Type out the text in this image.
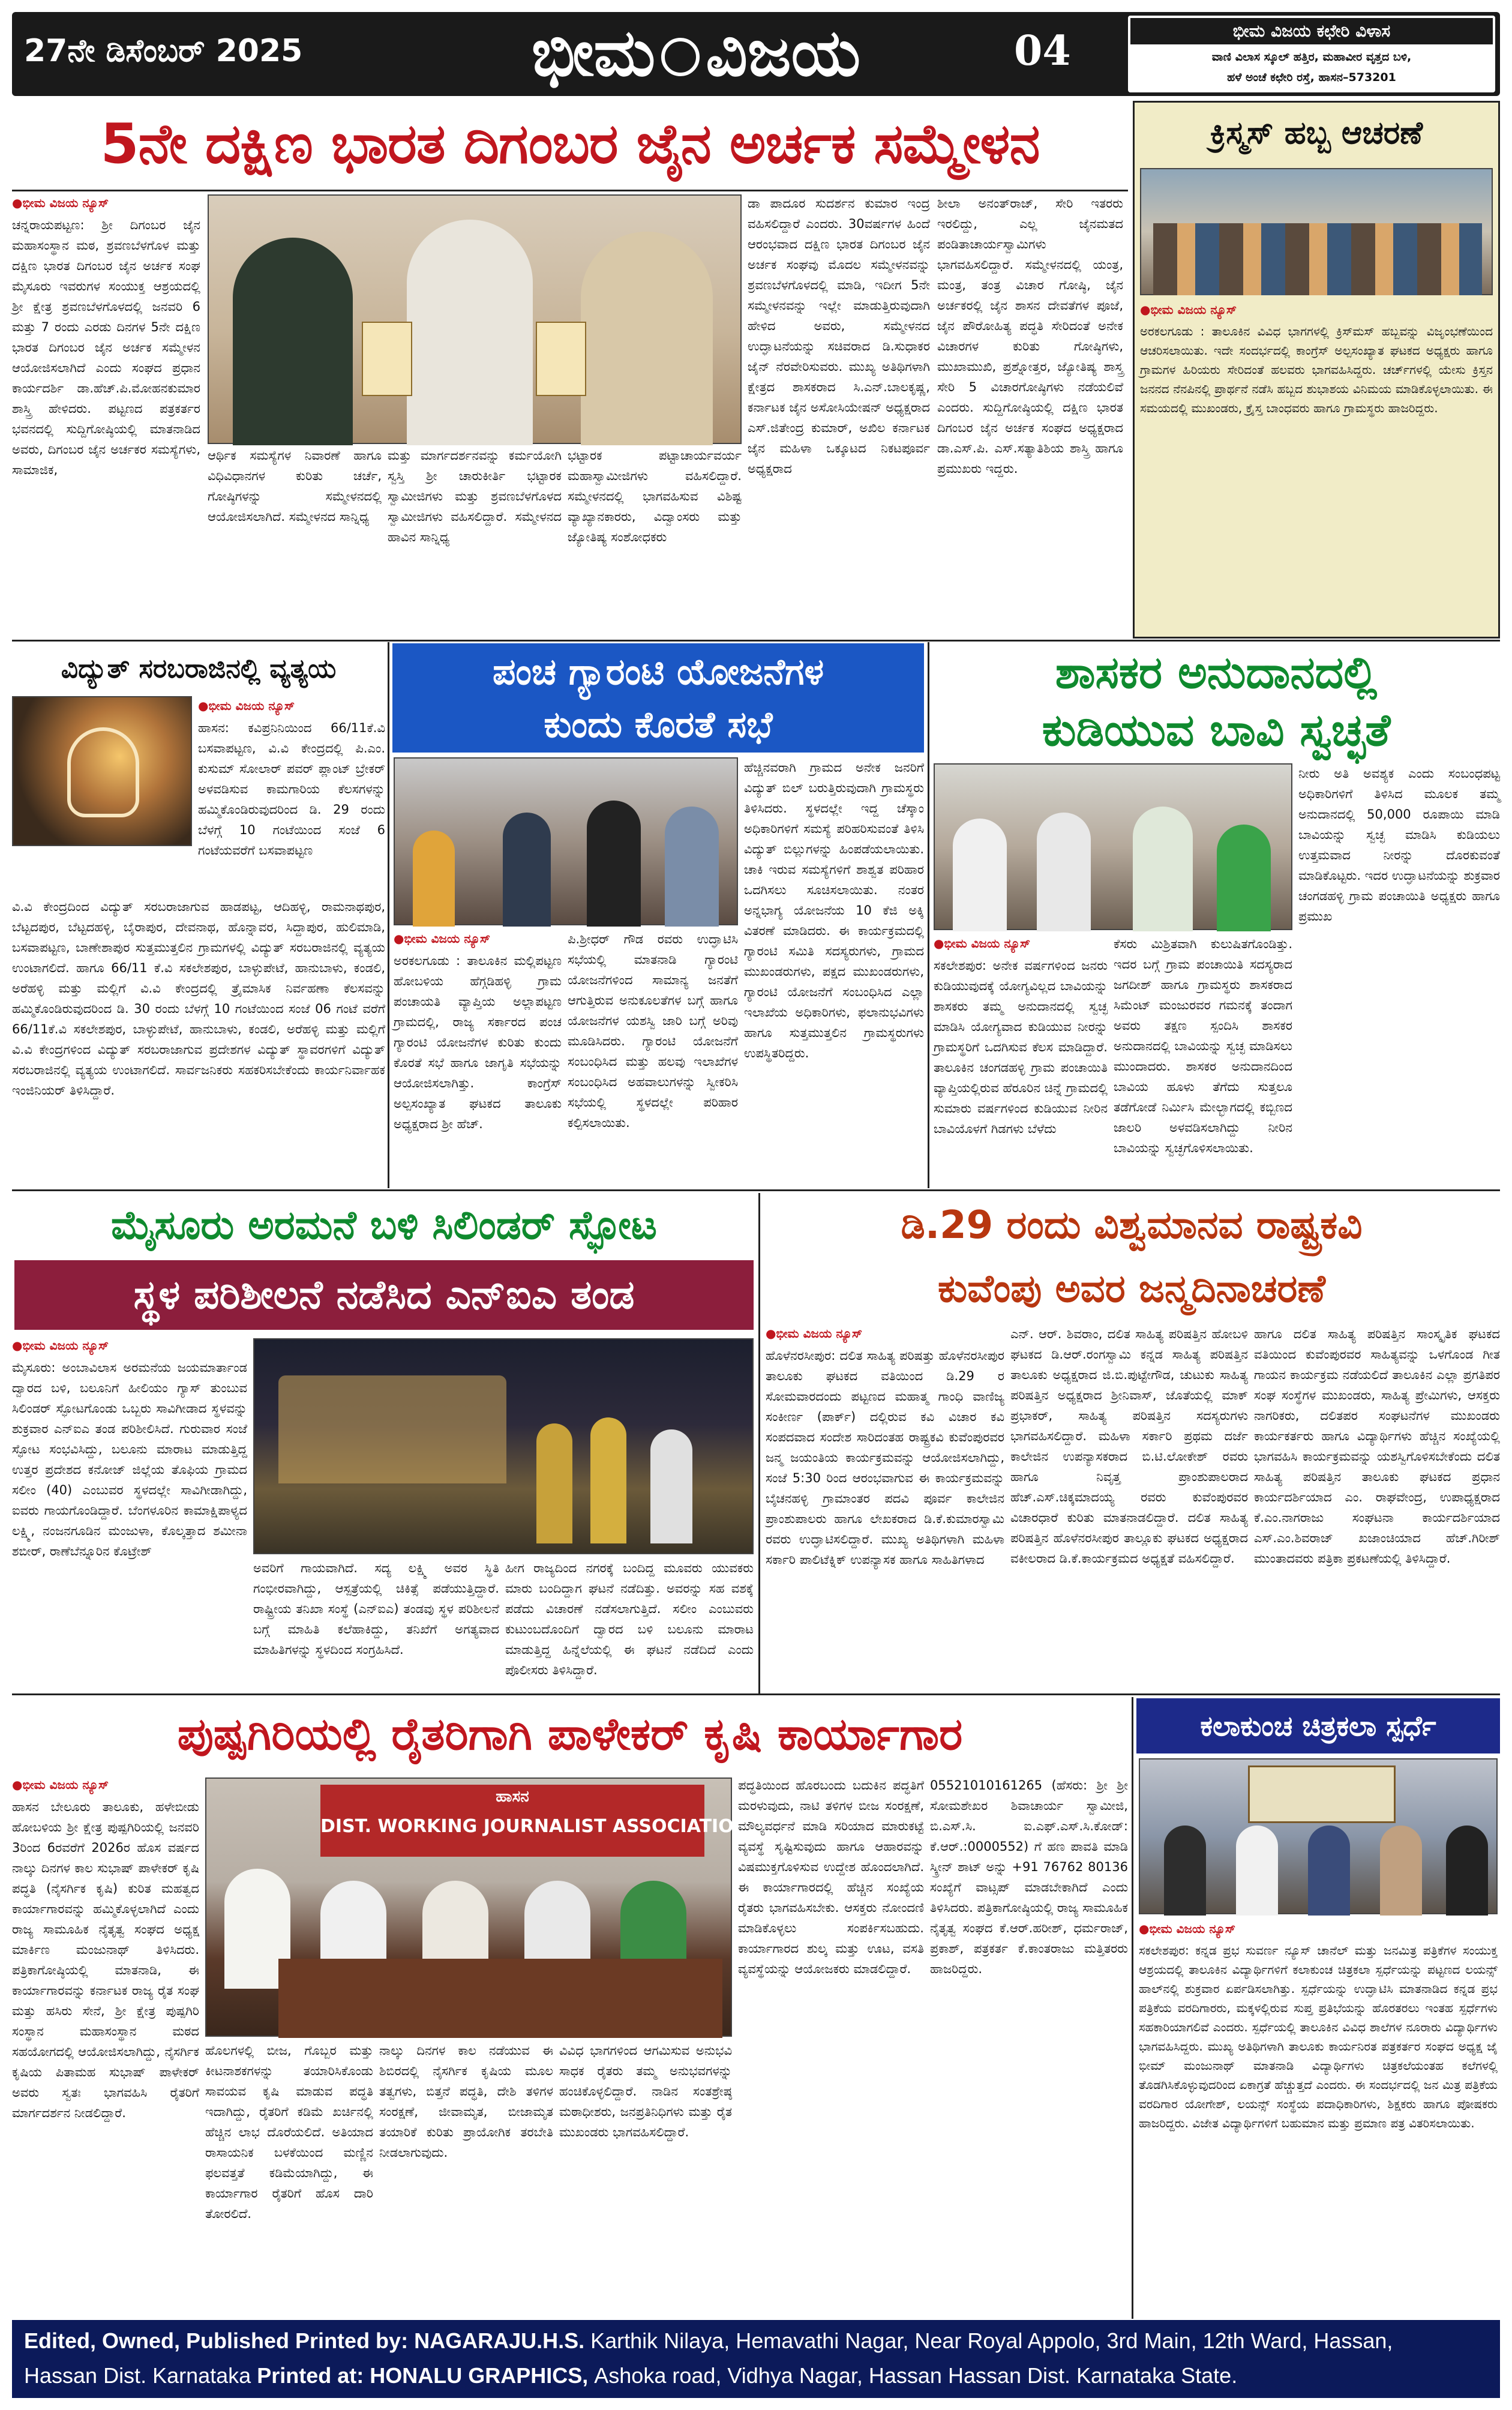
27ನೇ ಡಿಸೆಂಬರ್ 2025	ಭೀಮ ವಿಜಯ	04	ಭೀಮ ವಿಜಯ ಕಛೇರಿ ವಿಳಾಸ
ವಾಣಿ ವಿಲಾಸ ಸ್ಕೂಲ್ ಹತ್ತಿರ, ಮಹಾವೀರ ವೃತ್ತದ ಬಳಿ,
ಹಳೆ ಅಂಚೆ ಕಛೇರಿ ರಸ್ತೆ, ಹಾಸನ–573201
5ನೇ ದಕ್ಷಿಣ ಭಾರತ ದಿಗಂಬರ ಜೈನ ಅರ್ಚಕ ಸಮ್ಮೇಳನ
● ಭೀಮ ವಿಜಯ ನ್ಯೂಸ್
ಚನ್ನರಾಯಪಟ್ಟಣ: ಶ್ರೀ ದಿಗಂಬರ ಜೈನ ಮಹಾಸಂಸ್ಥಾನ ಮಠ, ಶ್ರವಣಬೆಳಗೊಳ ಮತ್ತು ದಕ್ಷಿಣ ಭಾರತ ದಿಗಂಬರ ಜೈನ ಅರ್ಚಕ ಸಂಘ ಮೈಸೂರು ಇವರುಗಳ ಸಂಯುಕ್ತ ಆಶ್ರಯದಲ್ಲಿ ಶ್ರೀ ಕ್ಷೇತ್ರ ಶ್ರವಣಬೆಳಗೊಳದಲ್ಲಿ ಜನವರಿ 6 ಮತ್ತು 7 ರಂದು ಎರಡು ದಿನಗಳ 5ನೇ ದಕ್ಷಿಣ ಭಾರತ ದಿಗಂಬರ ಜೈನ ಅರ್ಚಕ ಸಮ್ಮೇಳನ ಆಯೋಜಿಸಲಾಗಿದೆ ಎಂದು ಸಂಘದ ಪ್ರಧಾನ ಕಾರ್ಯದರ್ಶಿ ಡಾ.ಹೆಚ್.ಪಿ.ಮೋಹನಕುಮಾರ ಶಾಸ್ತ್ರಿ ಹೇಳಿದರು. ಪಟ್ಟಣದ ಪತ್ರಕರ್ತರ ಭವನದಲ್ಲಿ ಸುದ್ದಿಗೋಷ್ಠಿಯಲ್ಲಿ ಮಾತನಾಡಿದ ಅವರು, ದಿಗಂಬರ ಜೈನ ಅರ್ಚಕರ ಸಮಸ್ಯೆಗಳು, ಸಾಮಾಜಿಕ,
ಡಾ ಪಾದೂರ ಸುದರ್ಶನ ಕುಮಾರ ಇಂದ್ರ ವಹಿಸಲಿದ್ದಾರೆ ಎಂದರು. 30ವರ್ಷಗಳ ಹಿಂದೆ ಆರಂಭವಾದ ದಕ್ಷಿಣ ಭಾರತ ದಿಗಂಬರ ಜೈನ ಅರ್ಚಕ ಸಂಘವು ಮೊದಲ ಸಮ್ಮೇಳನವನ್ನು ಶ್ರವಣಬೆಳಗೊಳದಲ್ಲಿ ಮಾಡಿ, ಇದೀಗ 5ನೇ ಸಮ್ಮೇಳನವನ್ನು ಇಲ್ಲೇ ಮಾಡುತ್ತಿರುವುದಾಗಿ ಹೇಳಿದ ಅವರು, ಸಮ್ಮೇಳನದ ಉದ್ಘಾಟನೆಯನ್ನು ಸಚಿವರಾದ ಡಿ.ಸುಧಾಕರ ಜೈನ್ ನೆರವೇರಿಸುವರು. ಮುಖ್ಯ ಅತಿಥಿಗಳಾಗಿ ಕ್ಷೇತ್ರದ ಶಾಸಕರಾದ ಸಿ.ಎನ್.ಬಾಲಕೃಷ್ಣ, ಕರ್ನಾಟಕ ಜೈನ ಅಸೋಸಿಯೇಷನ್ ಅಧ್ಯಕ್ಷರಾದ ಎಸ್.ಜಿತೇಂದ್ರ ಕುಮಾರ್, ಅಖಿಲ ಕರ್ನಾಟಕ ಜೈನ ಮಹಿಳಾ ಒಕ್ಕೂಟದ ನಿಕಟಪೂರ್ವ ಅಧ್ಯಕ್ಷರಾದ
ಶೀಲಾ ಅನಂತ್‌ರಾಜ್, ಸೇರಿ ಇತರರು ಇರಲಿದ್ದು, ಎಲ್ಲ ಜೈನಮತದ ಪಂಡಿತಾಚಾರ್ಯಸ್ವಾಮಿಗಳು ಭಾಗವಹಿಸಲಿದ್ದಾರೆ. ಸಮ್ಮೇಳನದಲ್ಲಿ ಯಂತ್ರ, ಮಂತ್ರ, ತಂತ್ರ ವಿಚಾರ ಗೋಷ್ಠಿ, ಜೈನ ಅರ್ಚಕರಲ್ಲಿ ಜೈನ ಶಾಸನ ದೇವತೆಗಳ ಪೂಜೆ, ಜೈನ ಪೌರೋಹಿತ್ಯ ಪದ್ಧತಿ ಸೇರಿದಂತೆ ಅನೇಕ ವಿಚಾರಗಳ ಕುರಿತು ಗೋಷ್ಠಿಗಳು, ಮುಖಾಮುಖಿ, ಪ್ರಶ್ನೋತ್ತರ, ಜ್ಯೋತಿಷ್ಯ ಶಾಸ್ತ್ರ ಸೇರಿ 5 ವಿಚಾರಗೋಷ್ಠಿಗಳು ನಡೆಯಲಿವೆ ಎಂದರು. ಸುದ್ದಿಗೋಷ್ಠಿಯಲ್ಲಿ ದಕ್ಷಿಣ ಭಾರತ ದಿಗಂಬರ ಜೈನ ಅರ್ಚಕ ಸಂಘದ ಅಧ್ಯಕ್ಷರಾದ ಡಾ.ಎಸ್.ಪಿ. ಎಸ್.ಸತ್ಯಾತಿಶಿಯ ಶಾಸ್ತ್ರಿ ಹಾಗೂ ಪ್ರಮುಖರು ಇದ್ದರು.
ಆರ್ಥಿಕ ಸಮಸ್ಯೆಗಳ ನಿವಾರಣೆ ಹಾಗೂ ವಿಧಿವಿಧಾನಗಳ ಕುರಿತು ಚರ್ಚೆ, ಗೋಷ್ಠಿಗಳನ್ನು ಸಮ್ಮೇಳನದಲ್ಲಿ ಆಯೋಜಿಸಲಾಗಿದೆ. ಸಮ್ಮೇಳನದ ಸಾನ್ನಿಧ್ಯ
ಮತ್ತು ಮಾರ್ಗದರ್ಶನವನ್ನು ಕರ್ಮಯೋಗಿ ಸ್ವಸ್ತಿ ಶ್ರೀ ಚಾರುಕೀರ್ತಿ ಭಟ್ಟಾರಕ ಸ್ವಾಮೀಜಿಗಳು ಮತ್ತು ಶ್ರವಣಬೆಳಗೊಳದ ಸ್ವಾಮೀಜಿಗಳು ವಹಿಸಲಿದ್ದಾರೆ. ಸಮ್ಮೇಳನದ ಹಾವಿನ ಸಾನ್ನಿಧ್ಯ
ಭಟ್ಟಾರಕ ಪಟ್ಟಾಚಾರ್ಯವರ್ಯ ಮಹಾಸ್ವಾಮೀಜಿಗಳು ವಹಿಸಲಿದ್ದಾರೆ. ಸಮ್ಮೇಳನದಲ್ಲಿ ಭಾಗವಹಿಸುವ ವಿಶಿಷ್ಟ ವ್ಯಾಖ್ಯಾನಕಾರರು, ವಿದ್ವಾಂಸರು ಮತ್ತು ಜ್ಯೋತಿಷ್ಯ ಸಂಶೋಧಕರು
ಕ್ರಿಸ್ಮಸ್ ಹಬ್ಬ ಆಚರಣೆ
● ಭೀಮ ವಿಜಯ ನ್ಯೂಸ್
ಅರಕಲಗೂಡು : ತಾಲೂಕಿನ ವಿವಿಧ ಭಾಗಗಳಲ್ಲಿ ಕ್ರಿಸ್‌ಮಸ್ ಹಬ್ಬವನ್ನು ವಿಜೃಂಭಣೆಯಿಂದ ಆಚರಿಸಲಾಯಿತು. ಇದೇ ಸಂದರ್ಭದಲ್ಲಿ ಕಾಂಗ್ರೆಸ್ ಅಲ್ಪಸಂಖ್ಯಾತ ಘಟಕದ ಅಧ್ಯಕ್ಷರು ಹಾಗೂ ಗ್ರಾಮಗಳ ಹಿರಿಯರು ಸೇರಿದಂತೆ ಹಲವರು ಭಾಗವಹಿಸಿದ್ದರು. ಚರ್ಚ್‌ಗಳಲ್ಲಿ ಯೇಸು ಕ್ರಿಸ್ತನ ಜನನದ ನೆನಪಿನಲ್ಲಿ ಪ್ರಾರ್ಥನೆ ನಡೆಸಿ ಹಬ್ಬದ ಶುಭಾಶಯ ವಿನಿಮಯ ಮಾಡಿಕೊಳ್ಳಲಾಯಿತು. ಈ ಸಮಯದಲ್ಲಿ ಮುಖಂಡರು, ಕ್ರೈಸ್ತ ಬಾಂಧವರು ಹಾಗೂ ಗ್ರಾಮಸ್ಥರು ಹಾಜರಿದ್ದರು.
ವಿದ್ಯುತ್ ಸರಬರಾಜಿನಲ್ಲಿ ವ್ಯತ್ಯಯ
● ಭೀಮ ವಿಜಯ ನ್ಯೂಸ್
ಹಾಸನ: ಕವಿಪ್ರನಿನಿಯಿಂದ 66/11ಕೆ.ವಿ ಬಸವಾಪಟ್ಟಣ, ವಿ.ವಿ ಕೇಂದ್ರದಲ್ಲಿ ಪಿ.ಎಂ. ಕುಸುಮ್ ಸೋಲಾರ್ ಪವರ್ ಪ್ಲಾಂಟ್ ಬ್ರೇಕರ್ ಅಳವಡಿಸುವ ಕಾಮಗಾರಿಯ ಕೆಲಸಗಳನ್ನು ಹಮ್ಮಿಕೊಂಡಿರುವುದರಿಂದ ಡಿ. 29 ರಂದು ಬೆಳಗ್ಗೆ 10 ಗಂಟೆಯಿಂದ ಸಂಜೆ 6 ಗಂಟೆಯವರೆಗೆ ಬಸವಾಪಟ್ಟಣ
ವಿ.ವಿ ಕೇಂದ್ರದಿಂದ ವಿದ್ಯುತ್ ಸರಬರಾಜಾಗುವ ಹಾಡಪಟ್ಟ, ಆದಿಹಳ್ಳಿ, ರಾಮನಾಥಪುರ, ಬೆಟ್ಟದಪುರ, ಬೆಟ್ಟದಹಳ್ಳಿ, ಬೈರಾಪುರ, ದೇವನಾಥ, ಹೊನ್ನಾವರ, ಸಿದ್ದಾಪುರ, ಹುಲಿಮಾಡಿ, ಬಸವಾಪಟ್ಟಣ, ಬಾಣೇಶಾಪುರ ಸುತ್ತಮುತ್ತಲಿನ ಗ್ರಾಮಗಳಲ್ಲಿ ವಿದ್ಯುತ್ ಸರಬರಾಜಿನಲ್ಲಿ ವ್ಯತ್ಯಯ ಉಂಟಾಗಲಿದೆ. ಹಾಗೂ 66/11 ಕೆ.ವಿ ಸಕಲೇಶಪುರ, ಬಾಳ್ಳುಪೇಟೆ, ಹಾನುಬಾಳು, ಕಂಡಲಿ, ಅರೆಹಳ್ಳಿ ಮತ್ತು ಮಲ್ಲಿಗೆ ವಿ.ವಿ ಕೇಂದ್ರದಲ್ಲಿ ತ್ರೈಮಾಸಿಕ ನಿರ್ವಹಣಾ ಕೆಲಸವನ್ನು ಹಮ್ಮಿಕೊಂಡಿರುವುದರಿಂದ ಡಿ. 30 ರಂದು ಬೆಳಗ್ಗೆ 10 ಗಂಟೆಯಿಂದ ಸಂಜೆ 06 ಗಂಟೆ ವರೆಗೆ 66/11ಕೆ.ವಿ ಸಕಲೇಶಪುರ, ಬಾಳ್ಳುಪೇಟೆ, ಹಾನುಬಾಳು, ಕಂಡಲಿ, ಅರೆಹಳ್ಳಿ ಮತ್ತು ಮಲ್ಲಿಗೆ ವಿ.ವಿ ಕೇಂದ್ರಗಳಿಂದ ವಿದ್ಯುತ್ ಸರಬರಾಜಾಗುವ ಪ್ರದೇಶಗಳ ವಿದ್ಯುತ್ ಸ್ಥಾವರಗಳಿಗೆ ವಿದ್ಯುತ್ ಸರಬರಾಜಿನಲ್ಲಿ ವ್ಯತ್ಯಯ ಉಂಟಾಗಲಿದೆ. ಸಾರ್ವಜನಿಕರು ಸಹಕರಿಸಬೇಕೆಂದು ಕಾರ್ಯನಿರ್ವಾಹಕ ಇಂಜಿನಿಯರ್ ತಿಳಿಸಿದ್ದಾರೆ.
ಪಂಚ ಗ್ಯಾರಂಟಿ ಯೋಜನೆಗಳ
ಕುಂದು ಕೊರತೆ ಸಭೆ
● ಭೀಮ ವಿಜಯ ನ್ಯೂಸ್
ಅರಕಲಗೂಡು : ತಾಲೂಕಿನ ಮಲ್ಲಿಪಟ್ಟಣ ಹೋಬಳಿಯ ಹೆಗ್ಗಡಿಹಳ್ಳಿ ಗ್ರಾಮ ಪಂಚಾಯತಿ ವ್ಯಾಪ್ತಿಯ ಅಲ್ಲಾಪಟ್ಟಣ ಗ್ರಾಮದಲ್ಲಿ, ರಾಜ್ಯ ಸರ್ಕಾರದ ಪಂಚ ಗ್ಯಾರಂಟಿ ಯೋಜನೆಗಳ ಕುರಿತು ಕುಂದು ಕೊರತೆ ಸಭೆ ಹಾಗೂ ಜಾಗೃತಿ ಸಭೆಯನ್ನು ಆಯೋಜಿಸಲಾಗಿತ್ತು. ಕಾಂಗ್ರೆಸ್ ಅಲ್ಪಸಂಖ್ಯಾತ ಘಟಕದ ತಾಲೂಕು ಅಧ್ಯಕ್ಷರಾದ ಶ್ರೀ ಹೆಚ್.
ಪಿ.ಶ್ರೀಧರ್ ಗೌಡ ರವರು ಉದ್ಘಾಟಿಸಿ ಸಭೆಯಲ್ಲಿ ಮಾತನಾಡಿ ಗ್ಯಾರಂಟಿ ಯೋಜನೆಗಳಿಂದ ಸಾಮಾನ್ಯ ಜನತೆಗೆ ಆಗುತ್ತಿರುವ ಅನುಕೂಲತೆಗಳ ಬಗ್ಗೆ ಹಾಗೂ ಯೋಜನೆಗಳ ಯಶಸ್ವಿ ಜಾರಿ ಬಗ್ಗೆ ಅರಿವು ಮೂಡಿಸಿದರು. ಗ್ಯಾರಂಟಿ ಯೋಜನೆಗೆ ಸಂಬಂಧಿಸಿದ ಮತ್ತು ಹಲವು ಇಲಾಖೆಗಳ ಸಂಬಂಧಿಸಿದ ಅಹವಾಲುಗಳನ್ನು ಸ್ವೀಕರಿಸಿ ಸಭೆಯಲ್ಲಿ ಸ್ಥಳದಲ್ಲೇ ಪರಿಹಾರ ಕಲ್ಪಿಸಲಾಯಿತು.
ಹೆಚ್ಚಿನವರಾಗಿ ಗ್ರಾಮದ ಅನೇಕ ಜನರಿಗೆ ವಿದ್ಯುತ್ ಬಿಲ್ ಬರುತ್ತಿರುವುದಾಗಿ ಗ್ರಾಮಸ್ಥರು ತಿಳಿಸಿದರು. ಸ್ಥಳದಲ್ಲೇ ಇದ್ದ ಚೆಸ್ಕಾಂ ಅಧಿಕಾರಿಗಳಿಗೆ ಸಮಸ್ಯೆ ಪರಿಹರಿಸುವಂತೆ ತಿಳಿಸಿ ವಿದ್ಯುತ್ ಬಿಲ್ಲುಗಳನ್ನು ಹಿಂಪಡೆಯಲಾಯಿತು. ಚಾಕಿ ಇರುವ ಸಮಸ್ಯೆಗಳಿಗೆ ಶಾಶ್ವತ ಪರಿಹಾರ ಒದಗಿಸಲು ಸೂಚಿಸಲಾಯಿತು. ನಂತರ ಅನ್ನಭಾಗ್ಯ ಯೋಜನೆಯ 10 ಕೆಜಿ ಅಕ್ಕಿ ವಿತರಣೆ ಮಾಡಿದರು. ಈ ಕಾರ್ಯಕ್ರಮದಲ್ಲಿ ಗ್ಯಾರಂಟಿ ಸಮಿತಿ ಸದಸ್ಯರುಗಳು, ಗ್ರಾಮದ ಮುಖಂಡರುಗಳು, ಪಕ್ಷದ ಮುಖಂಡರುಗಳು, ಗ್ಯಾರಂಟಿ ಯೋಜನೆಗೆ ಸಂಬಂಧಿಸಿದ ಎಲ್ಲಾ ಇಲಾಖೆಯ ಅಧಿಕಾರಿಗಳು, ಫಲಾನುಭವಿಗಳು ಹಾಗೂ ಸುತ್ತಮುತ್ತಲಿನ ಗ್ರಾಮಸ್ಥರುಗಳು ಉಪಸ್ಥಿತರಿದ್ದರು.
ಶಾಸಕರ ಅನುದಾನದಲ್ಲಿ
ಕುಡಿಯುವ ಬಾವಿ ಸ್ವಚ್ಛತೆ
ನೀರು ಅತಿ ಅವಶ್ಯಕ ಎಂದು ಸಂಬಂಧಪಟ್ಟ ಅಧಿಕಾರಿಗಳಿಗೆ ತಿಳಿಸಿದ ಮೂಲಕ ತಮ್ಮ ಅನುದಾನದಲ್ಲಿ 50,000 ರೂಪಾಯಿ ಮಾಡಿ ಬಾವಿಯನ್ನು ಸ್ವಚ್ಛ ಮಾಡಿಸಿ ಕುಡಿಯಲು ಉತ್ತಮವಾದ ನೀರನ್ನು ದೊರಕುವಂತೆ ಮಾಡಿಕೊಟ್ಟರು. ಇದರ ಉದ್ಘಾಟನೆಯನ್ನು ಶುಕ್ರವಾರ ಚಂಗಡಹಳ್ಳಿ ಗ್ರಾಮ ಪಂಚಾಯಿತಿ ಅಧ್ಯಕ್ಷರು ಹಾಗೂ ಪ್ರಮುಖ
● ಭೀಮ ವಿಜಯ ನ್ಯೂಸ್
ಸಕಲೇಶಪುರ: ಅನೇಕ ವರ್ಷಗಳಿಂದ ಜನರು ಕುಡಿಯುವುದಕ್ಕೆ ಯೋಗ್ಯವಿಲ್ಲದ ಬಾವಿಯನ್ನು ಶಾಸಕರು ತಮ್ಮ ಅನುದಾನದಲ್ಲಿ ಸ್ವಚ್ಛ ಮಾಡಿಸಿ ಯೋಗ್ಯವಾದ ಕುಡಿಯುವ ನೀರನ್ನು ಗ್ರಾಮಸ್ಥರಿಗೆ ಒದಗಿಸುವ ಕೆಲಸ ಮಾಡಿದ್ದಾರೆ. ತಾಲೂಕಿನ ಚಂಗಡಹಳ್ಳಿ ಗ್ರಾಮ ಪಂಚಾಯಿತಿ ವ್ಯಾಪ್ತಿಯಲ್ಲಿರುವ ಹೆರೂರಿನ ಚಿನ್ನೆ ಗ್ರಾಮದಲ್ಲಿ ಸುಮಾರು ವರ್ಷಗಳಿಂದ ಕುಡಿಯುವ ನೀರಿನ ಬಾವಿಯೊಳಗೆ ಗಿಡಗಳು ಬೆಳೆದು
ಕೆಸರು ಮಿಶ್ರಿತವಾಗಿ ಕುಲುಷಿತಗೊಂಡಿತ್ತು. ಇದರ ಬಗ್ಗೆ ಗ್ರಾಮ ಪಂಚಾಯಿತಿ ಸದಸ್ಯರಾದ ಜಗದೀಶ್ ಹಾಗೂ ಗ್ರಾಮಸ್ಥರು ಶಾಸಕರಾದ ಸಿಮೆಂಟ್ ಮಂಜುರವರ ಗಮನಕ್ಕೆ ತಂದಾಗ ಅವರು ತಕ್ಷಣ ಸ್ಪಂದಿಸಿ ಶಾಸಕರ ಅನುದಾನದಲ್ಲಿ ಬಾವಿಯನ್ನು ಸ್ವಚ್ಛ ಮಾಡಿಸಲು ಮುಂದಾದರು. ಶಾಸಕರ ಅನುದಾನದಿಂದ ಬಾವಿಯ ಹೂಳು ತೆಗೆದು ಸುತ್ತಲೂ ತಡೆಗೋಡೆ ನಿರ್ಮಿಸಿ ಮೇಲ್ಭಾಗದಲ್ಲಿ ಕಬ್ಬಿಣದ ಜಾಲರಿ ಅಳವಡಿಸಲಾಗಿದ್ದು ನೀರಿನ ಬಾವಿಯನ್ನು ಸ್ವಚ್ಛಗೊಳಿಸಲಾಯಿತು.
ಮೈಸೂರು ಅರಮನೆ ಬಳಿ ಸಿಲಿಂಡರ್ ಸ್ಫೋಟ
ಸ್ಥಳ ಪರಿಶೀಲನೆ ನಡೆಸಿದ ಎನ್‌ಐಎ ತಂಡ
● ಭೀಮ ವಿಜಯ ನ್ಯೂಸ್
ಮೈಸೂರು: ಅಂಬಾವಿಲಾಸ ಅರಮನೆಯ ಜಯಮಾರ್ತಾಂಡ ದ್ವಾರದ ಬಳಿ, ಬಲೂನಿಗೆ ಹೀಲಿಯಂ ಗ್ಯಾಸ್ ತುಂಬುವ ಸಿಲಿಂಡರ್ ಸ್ಫೋಟಗೊಂಡು ಒಬ್ಬರು ಸಾವಿಗೀಡಾದ ಸ್ಥಳವನ್ನು ಶುಕ್ರವಾರ ಎನ್‌ಐಎ ತಂಡ ಪರಿಶೀಲಿಸಿದೆ. ಗುರುವಾರ ಸಂಜೆ ಸ್ಫೋಟ ಸಂಭವಿಸಿದ್ದು, ಬಲೂನು ಮಾರಾಟ ಮಾಡುತ್ತಿದ್ದ ಉತ್ತರ ಪ್ರದೇಶದ ಕನೋಜ್ ಜಿಲ್ಲೆಯ ತೊಫಿಯ ಗ್ರಾಮದ ಸಲೀಂ (40) ಎಂಬುವರ ಸ್ಥಳದಲ್ಲೇ ಸಾವಿಗೀಡಾಗಿದ್ದು, ಐವರು ಗಾಯಗೊಂಡಿದ್ದಾರೆ. ಬೆಂಗಳೂರಿನ ಕಾಮಾಕ್ಷಿಪಾಳ್ಯದ ಲಕ್ಷ್ಮಿ, ನಂಜನಗೂಡಿನ ಮಂಜುಳಾ, ಕೊಲ್ಕತ್ತಾದ ಶಮೀನಾ ಶಬೀರ್, ರಾಣೆಬೆನ್ನೂರಿನ ಕೊಟ್ರೇಶ್
ಅವರಿಗೆ ಗಾಯವಾಗಿದೆ. ಸದ್ಯ ಲಕ್ಷ್ಮಿ ಅವರ ಸ್ಥಿತಿ ಗಂಭೀರವಾಗಿದ್ದು, ಆಸ್ಪತ್ರೆಯಲ್ಲಿ ಚಿಕಿತ್ಸೆ ಪಡೆಯುತ್ತಿದ್ದಾರೆ. ರಾಷ್ಟ್ರೀಯ ತನಿಖಾ ಸಂಸ್ಥೆ (ಎನ್‌ಐಎ) ತಂಡವು ಸ್ಥಳ ಪರಿಶೀಲನೆ ಬಗ್ಗೆ ಮಾಹಿತಿ ಕಲೆಹಾಕಿದ್ದು, ತನಿಖೆಗೆ ಅಗತ್ಯವಾದ ಮಾಹಿತಿಗಳನ್ನು ಸ್ಥಳದಿಂದ ಸಂಗ್ರಹಿಸಿದೆ.
ಹೀಗ ರಾಜ್ಯದಿಂದ ನಗರಕ್ಕೆ ಬಂದಿದ್ದ ಮೂವರು ಯುವಕರು ಮಾರು ಬಂದಿದ್ದಾಗ ಘಟನೆ ನಡೆದಿತ್ತು. ಅವರನ್ನು ಸಹ ವಶಕ್ಕೆ ಪಡೆದು ವಿಚಾರಣೆ ನಡೆಸಲಾಗುತ್ತಿದೆ. ಸಲೀಂ ಎಂಬುವರು ಕುಟುಂಬದೊಂದಿಗೆ ದ್ವಾರದ ಬಳಿ ಬಲೂನು ಮಾರಾಟ ಮಾಡುತ್ತಿದ್ದ ಹಿನ್ನೆಲೆಯಲ್ಲಿ ಈ ಘಟನೆ ನಡೆದಿದೆ ಎಂದು ಪೊಲೀಸರು ತಿಳಿಸಿದ್ದಾರೆ.
ಡಿ.29 ರಂದು ವಿಶ್ವಮಾನವ ರಾಷ್ಟ್ರಕವಿ
ಕುವೆಂಪು ಅವರ ಜನ್ಮದಿನಾಚರಣೆ
● ಭೀಮ ವಿಜಯ ನ್ಯೂಸ್
ಹೊಳೆನರಸೀಪುರ: ದಲಿತ ಸಾಹಿತ್ಯ ಪರಿಷತ್ತು ಹೊಳೆನರಸೀಪುರ ತಾಲೂಕು ಘಟಕದ ವತಿಯಿಂದ ಡಿ.29 ರ ಸೋಮವಾರದಂದು ಪಟ್ಟಣದ ಮಹಾತ್ಮ ಗಾಂಧಿ ವಾಣಿಜ್ಯ ಸಂಕೀರ್ಣ (ಪಾರ್ಕ್) ದಲ್ಲಿರುವ ಕವಿ ವಿಚಾರ ಕವಿ ಸಂಪದವಾದ ಸಂದೇಶ ಸಾರಿದಂತಹ ರಾಷ್ಟ್ರಕವಿ ಕುವೆಂಪುರವರ ಜನ್ಮ ಜಯಂತಿಯ ಕಾರ್ಯಕ್ರಮವನ್ನು ಆಯೋಜಿಸಲಾಗಿದ್ದು, ಸಂಜೆ 5:30 ರಿಂದ ಆರಂಭವಾಗುವ ಈ ಕಾರ್ಯಕ್ರಮವನ್ನು ಬೈಚನಹಳ್ಳಿ ಗ್ರಾಮಾಂತರ ಪದವಿ ಪೂರ್ವ ಕಾಲೇಜಿನ ಪ್ರಾಂಶುಪಾಲರು ಹಾಗೂ ಲೇಖಕರಾದ ಡಿ.ಕೆ.ಕುಮಾರಸ್ವಾಮಿ ರವರು ಉದ್ಘಾಟಿಸಲಿದ್ದಾರೆ. ಮುಖ್ಯ ಅತಿಥಿಗಳಾಗಿ ಮಹಿಳಾ ಸರ್ಕಾರಿ ಪಾಲಿಟೆಕ್ನಿಕ್ ಉಪನ್ಯಾಸಕ ಹಾಗೂ ಸಾಹಿತಿಗಳಾದ
ಎನ್. ಆರ್. ಶಿವರಾಂ, ದಲಿತ ಸಾಹಿತ್ಯ ಪರಿಷತ್ತಿನ ಹೋಬಳಿ ಘಟಕದ ಡಿ.ಆರ್.ರಂಗಸ್ವಾಮಿ ಕನ್ನಡ ಸಾಹಿತ್ಯ ಪರಿಷತ್ತಿನ ತಾಲೂಕು ಅಧ್ಯಕ್ಷರಾದ ಜಿ.ಬಿ.ಪುಟ್ಟೇಗೌಡ, ಚುಟುಕು ಸಾಹಿತ್ಯ ಪರಿಷತ್ತಿನ ಅಧ್ಯಕ್ಷರಾದ ಶ್ರೀನಿವಾಸ್, ಜೊತೆಯಲ್ಲಿ ಮಾಕ್ ಪ್ರಭಾಕರ್, ಸಾಹಿತ್ಯ ಪರಿಷತ್ತಿನ ಸದಸ್ಯರುಗಳು ಭಾಗವಹಿಸಲಿದ್ದಾರೆ. ಮಹಿಳಾ ಸರ್ಕಾರಿ ಪ್ರಥಮ ದರ್ಜೆ ಕಾಲೇಜಿನ ಉಪನ್ಯಾಸಕರಾದ ಬಿ.ಟಿ.ಲೋಕೇಶ್ ರವರು ಹಾಗೂ ನಿವೃತ್ತ ಪ್ರಾಂಶುಪಾಲರಾದ ಹೆಚ್.ಎಸ್.ಚಿಕ್ಕಮಾದಯ್ಯ ರವರು ಕುವೆಂಪುರವರ ವಿಚಾರಧಾರೆ ಕುರಿತು ಮಾತನಾಡಲಿದ್ದಾರೆ. ದಲಿತ ಸಾಹಿತ್ಯ ಪರಿಷತ್ತಿನ ಹೊಳೆನರಸೀಪುರ ತಾಲ್ಲೂಕು ಘಟಕದ ಅಧ್ಯಕ್ಷರಾದ ವಕೀಲರಾದ ಡಿ.ಕೆ.ಕಾರ್ಯಕ್ರಮದ ಅಧ್ಯಕ್ಷತೆ ವಹಿಸಲಿದ್ದಾರೆ.
ಹಾಗೂ ದಲಿತ ಸಾಹಿತ್ಯ ಪರಿಷತ್ತಿನ ಸಾಂಸ್ಕೃತಿಕ ಘಟಕದ ವತಿಯಿಂದ ಕುವೆಂಪುರವರ ಸಾಹಿತ್ಯವನ್ನು ಒಳಗೊಂಡ ಗೀತ ಗಾಯನ ಕಾರ್ಯಕ್ರಮ ನಡೆಯಲಿದೆ ತಾಲೂಕಿನ ಎಲ್ಲಾ ಪ್ರಗತಿಪರ ಸಂಘ ಸಂಸ್ಥೆಗಳ ಮುಖಂಡರು, ಸಾಹಿತ್ಯ ಪ್ರೇಮಿಗಳು, ಆಸಕ್ತರು ನಾಗರಿಕರು, ದಲಿತಪರ ಸಂಘಟನೆಗಳ ಮುಖಂಡರು ಕಾರ್ಯಕರ್ತರು ಹಾಗೂ ವಿದ್ಯಾರ್ಥಿಗಳು ಹೆಚ್ಚಿನ ಸಂಖ್ಯೆಯಲ್ಲಿ ಭಾಗವಹಿಸಿ ಕಾರ್ಯಕ್ರಮವನ್ನು ಯಶಸ್ವಿಗೊಳಿಸಬೇಕೆಂದು ದಲಿತ ಸಾಹಿತ್ಯ ಪರಿಷತ್ತಿನ ತಾಲೂಕು ಘಟಕದ ಪ್ರಧಾನ ಕಾರ್ಯದರ್ಶಿಯಾದ ಎಂ. ರಾಘವೇಂದ್ರ, ಉಪಾಧ್ಯಕ್ಷರಾದ ಕೆ.ಎಂ.ನಾಗರಾಜು ಸಂಘಟನಾ ಕಾರ್ಯದರ್ಶಿಯಾದ ಎಸ್.ಎಂ.ಶಿವರಾಜ್ ಖಜಾಂಚಿಯಾದ ಹೆಚ್.ಗಿರೀಶ್ ಮುಂತಾದವರು ಪತ್ರಿಕಾ ಪ್ರಕಟಣೆಯಲ್ಲಿ ತಿಳಿಸಿದ್ದಾರೆ.
ಪುಷ್ಪಗಿರಿಯಲ್ಲಿ ರೈತರಿಗಾಗಿ ಪಾಳೇಕರ್ ಕೃಷಿ ಕಾರ್ಯಾಗಾರ
● ಭೀಮ ವಿಜಯ ನ್ಯೂಸ್
ಹಾಸನ ಬೇಲೂರು ತಾಲೂಕು, ಹಳೇಬೀಡು ಹೋಬಳಿಯ ಶ್ರೀ ಕ್ಷೇತ್ರ ಪುಷ್ಪಗಿರಿಯಲ್ಲಿ ಜನವರಿ 3ರಿಂದ 6ರವರೆಗೆ 2026ರ ಹೊಸ ವರ್ಷದ ನಾಲ್ಕು ದಿನಗಳ ಕಾಲ ಸುಭಾಷ್ ಪಾಳೇಕರ್ ಕೃಷಿ ಪದ್ಧತಿ (ನೈಸರ್ಗಿಕ ಕೃಷಿ) ಕುರಿತ ಮಹತ್ವದ ಕಾರ್ಯಾಗಾರವನ್ನು ಹಮ್ಮಿಕೊಳ್ಳಲಾಗಿದೆ ಎಂದು ರಾಜ್ಯ ಸಾಮೂಹಿಕ ನೈತೃತ್ವ ಸಂಘದ ಅಧ್ಯಕ್ಷ ಮಾರ್ಕಿಣ ಮಂಜುನಾಥ್ ತಿಳಿಸಿದರು. ಪತ್ರಿಕಾಗೋಷ್ಠಿಯಲ್ಲಿ ಮಾತನಾಡಿ, ಈ ಕಾರ್ಯಾಗಾರವನ್ನು ಕರ್ನಾಟಕ ರಾಜ್ಯ ರೈತ ಸಂಘ ಮತ್ತು ಹಸಿರು ಸೇನೆ, ಶ್ರೀ ಕ್ಷೇತ್ರ ಪುಷ್ಪಗಿರಿ ಸಂಸ್ಥಾನ ಮಹಾಸಂಸ್ಥಾನ ಮಠದ ಸಹಯೋಗದಲ್ಲಿ ಆಯೋಜಿಸಲಾಗಿದ್ದು, ನೈಸರ್ಗಿಕ ಕೃಷಿಯ ಪಿತಾಮಹ ಸುಭಾಷ್ ಪಾಳೇಕರ್ ಅವರು ಸ್ವತಃ ಭಾಗವಹಿಸಿ ರೈತರಿಗೆ ಮಾರ್ಗದರ್ಶನ ನೀಡಲಿದ್ದಾರೆ.
ಹಾಸನ
DIST. WORKING JOURNALIST ASSOCIATION (R.)
ಹೊಲಗಳಲ್ಲಿ ಬೀಜ, ಗೊಬ್ಬರ ಮತ್ತು ಕೀಟನಾಶಕಗಳನ್ನು ತಯಾರಿಸಿಕೊಂಡು ಸಾವಯವ ಕೃಷಿ ಮಾಡುವ ಪದ್ಧತಿ ಇದಾಗಿದ್ದು, ರೈತರಿಗೆ ಕಡಿಮೆ ಖರ್ಚಿನಲ್ಲಿ ಹೆಚ್ಚಿನ ಲಾಭ ದೊರೆಯಲಿದೆ. ಅತಿಯಾದ ರಾಸಾಯನಿಕ ಬಳಕೆಯಿಂದ ಮಣ್ಣಿನ ಫಲವತ್ತತೆ ಕಡಿಮೆಯಾಗಿದ್ದು, ಈ ಕಾರ್ಯಾಗಾರ ರೈತರಿಗೆ ಹೊಸ ದಾರಿ ತೋರಲಿದೆ.
ನಾಲ್ಕು ದಿನಗಳ ಕಾಲ ನಡೆಯುವ ಈ ಶಿಬಿರದಲ್ಲಿ ನೈಸರ್ಗಿಕ ಕೃಷಿಯ ಮೂಲ ತತ್ವಗಳು, ಬಿತ್ತನೆ ಪದ್ಧತಿ, ದೇಶಿ ತಳಿಗಳ ಸಂರಕ್ಷಣೆ, ಜೀವಾಮೃತ, ಬೀಜಾಮೃತ ತಯಾರಿಕೆ ಕುರಿತು ಪ್ರಾಯೋಗಿಕ ತರಬೇತಿ ನೀಡಲಾಗುವುದು.
ವಿವಿಧ ಭಾಗಗಳಿಂದ ಆಗಮಿಸುವ ಅನುಭವಿ ಸಾಧಕ ರೈತರು ತಮ್ಮ ಅನುಭವಗಳನ್ನು ಹಂಚಿಕೊಳ್ಳಲಿದ್ದಾರೆ. ನಾಡಿನ ಸಂತಶ್ರೇಷ್ಠ ಮಠಾಧೀಶರು, ಜನಪ್ರತಿನಿಧಿಗಳು ಮತ್ತು ರೈತ ಮುಖಂಡರು ಭಾಗವಹಿಸಲಿದ್ದಾರೆ.
ಪದ್ಧತಿಯಿಂದ ಹೊರಬಂದು ಬದುಕಿನ ಪದ್ಧತಿಗೆ ಮರಳುವುದು, ನಾಟಿ ತಳಿಗಳ ಬೀಜ ಸಂರಕ್ಷಣೆ, ಮೌಲ್ಯವರ್ಧನೆ ಮಾಡಿ ಸರಿಯಾದ ಮಾರುಕಟ್ಟೆ ವ್ಯವಸ್ಥೆ ಸೃಷ್ಟಿಸುವುದು ಹಾಗೂ ಆಹಾರವನ್ನು ವಿಷಮುಕ್ತಗೊಳಿಸುವ ಉದ್ದೇಶ ಹೊಂದಲಾಗಿದೆ. ಈ ಕಾರ್ಯಾಗಾರದಲ್ಲಿ ಹೆಚ್ಚಿನ ಸಂಖ್ಯೆಯ ರೈತರು ಭಾಗವಹಿಸಬೇಕು. ಆಸಕ್ತರು ನೋಂದಣಿ ಮಾಡಿಕೊಳ್ಳಲು ಸಂಪರ್ಕಿಸಬಹುದು. ಕಾರ್ಯಾಗಾರದ ಶುಲ್ಕ ಮತ್ತು ಊಟ, ವಸತಿ ವ್ಯವಸ್ಥೆಯನ್ನು ಆಯೋಜಕರು ಮಾಡಲಿದ್ದಾರೆ.
05521010161265 (ಹೆಸರು: ಶ್ರೀ ಶ್ರೀ ಸೋಮಶೇಖರ ಶಿವಾಚಾರ್ಯ ಸ್ವಾಮೀಜಿ, ಬಿ.ಎಸ್.ಸಿ. ಐ.ಎಫ್.ಎಸ್.ಸಿ.ಕೋಡ್: ಕೆ.ಆರ್.:0000552) ಗೆ ಹಣ ಪಾವತಿ ಮಾಡಿ ಸ್ಕ್ರೀನ್ ಶಾಟ್ ಅನ್ನು +91 76762 80136 ಸಂಖ್ಯೆಗೆ ವಾಟ್ಸಪ್ ಮಾಡಬೇಕಾಗಿದೆ ಎಂದು ತಿಳಿಸಿದರು. ಪತ್ರಿಕಾಗೋಷ್ಠಿಯಲ್ಲಿ ರಾಜ್ಯ ಸಾಮೂಹಿಕ ನೈತೃತ್ವ ಸಂಘದ ಕೆ.ಆರ್.ಹರೀಶ್, ಧರ್ಮರಾಜ್, ಪ್ರಕಾಶ್, ಪತ್ರಕರ್ತ ಕೆ.ಕಾಂತರಾಜು ಮತ್ತಿತರರು ಹಾಜರಿದ್ದರು.
ಕಲಾಕುಂಚ ಚಿತ್ರಕಲಾ ಸ್ಪರ್ಧೆ
● ಭೀಮ ವಿಜಯ ನ್ಯೂಸ್
ಸಕಲೇಶಪುರ: ಕನ್ನಡ ಪ್ರಭ ಸುವರ್ಣ ನ್ಯೂಸ್ ಚಾನೆಲ್ ಮತ್ತು ಜನಮಿತ್ರ ಪತ್ರಿಕೆಗಳ ಸಂಯುಕ್ತ ಆಶ್ರಯದಲ್ಲಿ ತಾಲೂಕಿನ ವಿದ್ಯಾರ್ಥಿಗಳಿಗೆ ಕಲಾಕುಂಚ ಚಿತ್ರಕಲಾ ಸ್ಪರ್ಧೆಯನ್ನು ಪಟ್ಟಣದ ಲಯನ್ಸ್ ಹಾಲ್‌ನಲ್ಲಿ ಶುಕ್ರವಾರ ಏರ್ಪಡಿಸಲಾಗಿತ್ತು. ಸ್ಪರ್ಧೆಯನ್ನು ಉದ್ಘಾಟಿಸಿ ಮಾತನಾಡಿದ ಕನ್ನಡ ಪ್ರಭ ಪತ್ರಿಕೆಯ ವರದಿಗಾರರು, ಮಕ್ಕಳಲ್ಲಿರುವ ಸುಪ್ತ ಪ್ರತಿಭೆಯನ್ನು ಹೊರತರಲು ಇಂತಹ ಸ್ಪರ್ಧೆಗಳು ಸಹಕಾರಿಯಾಗಲಿವೆ ಎಂದರು. ಸ್ಪರ್ಧೆಯಲ್ಲಿ ತಾಲೂಕಿನ ವಿವಿಧ ಶಾಲೆಗಳ ನೂರಾರು ವಿದ್ಯಾರ್ಥಿಗಳು ಭಾಗವಹಿಸಿದ್ದರು. ಮುಖ್ಯ ಅತಿಥಿಗಳಾಗಿ ತಾಲೂಕು ಕಾರ್ಯನಿರತ ಪತ್ರಕರ್ತರ ಸಂಘದ ಅಧ್ಯಕ್ಷ ಜೈ ಭೀಮ್ ಮಂಜುನಾಥ್ ಮಾತನಾಡಿ ವಿದ್ಯಾರ್ಥಿಗಳು ಚಿತ್ರಕಲೆಯಂತಹ ಕಲೆಗಳಲ್ಲಿ ತೊಡಗಿಸಿಕೊಳ್ಳುವುದರಿಂದ ಏಕಾಗ್ರತೆ ಹೆಚ್ಚುತ್ತದೆ ಎಂದರು. ಈ ಸಂದರ್ಭದಲ್ಲಿ ಜನ ಮಿತ್ರ ಪತ್ರಿಕೆಯ ವರದಿಗಾರ ಯೋಗೇಶ್, ಲಯನ್ಸ್ ಸಂಸ್ಥೆಯ ಪದಾಧಿಕಾರಿಗಳು, ಶಿಕ್ಷಕರು ಹಾಗೂ ಪೋಷಕರು ಹಾಜರಿದ್ದರು. ವಿಜೇತ ವಿದ್ಯಾರ್ಥಿಗಳಿಗೆ ಬಹುಮಾನ ಮತ್ತು ಪ್ರಮಾಣ ಪತ್ರ ವಿತರಿಸಲಾಯಿತು.
Edited, Owned, Published Printed by: NAGARAJU.H.S. Karthik Nilaya, Hemavathi Nagar, Near Royal Appolo, 3rd Main, 12th Ward, Hassan,
Hassan Dist. Karnataka Printed at: HONALU GRAPHICS, Ashoka road, Vidhya Nagar, Hassan Hassan Dist. Karnataka State.
